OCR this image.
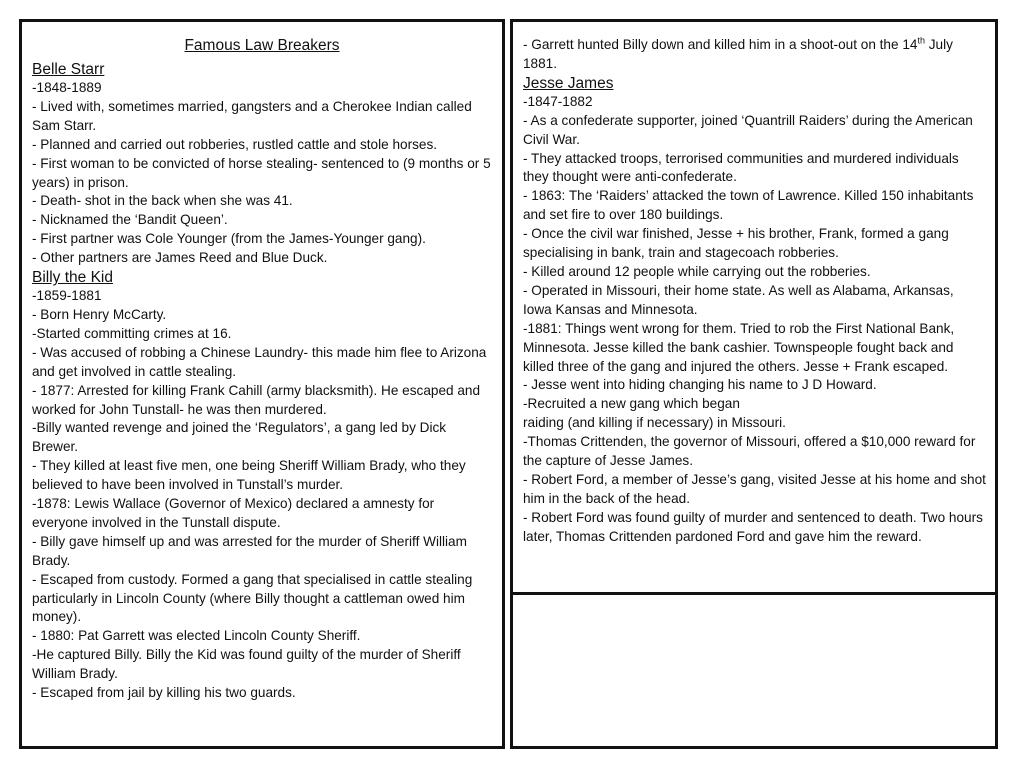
Famous Law Breakers

Belle Starr

-1848-1889

- Lived with, sometimes married, gangsters and a Cherokee Indian called Sam Starr.

- Planned and carried out robberies, rustled cattle and stole horses.

- First woman to be convicted of horse stealing- sentenced to (9 months or 5 years) in prison.

- Death- shot in the back when she was 41.

- Nicknamed the ‘Bandit Queen’.

- First partner was Cole Younger (from the James-Younger gang).

- Other partners are James Reed and Blue Duck.

Billy the Kid

-1859-1881

- Born Henry McCarty.

-Started committing crimes at 16.

- Was accused of robbing a Chinese Laundry- this made him flee to Arizona and get involved in cattle stealing.

- 1877: Arrested for killing Frank Cahill (army blacksmith). He escaped and worked for John Tunstall- he was then murdered.

-Billy wanted revenge and joined the ‘Regulators’, a gang led by Dick Brewer.

- They killed at least five men, one being Sheriff William Brady, who they believed to have been involved in Tunstall’s murder.

-1878: Lewis Wallace (Governor of Mexico) declared a amnesty for everyone involved in the Tunstall dispute.

- Billy gave himself up and was arrested for the murder of Sheriff William Brady.

- Escaped from custody. Formed a gang that specialised in cattle stealing particularly in Lincoln County (where Billy thought a cattleman owed him money).

- 1880: Pat Garrett was elected Lincoln County Sheriff.

-He captured Billy. Billy the Kid was found guilty of the murder of Sheriff William Brady.

- Escaped from jail by killing his two guards.

- Garrett hunted Billy down and killed him in a shoot-out on the 14th July 1881.

Jesse James

-1847-1882

- As a confederate supporter, joined ‘Quantrill Raiders’ during the American Civil War.

- They attacked troops, terrorised communities and murdered individuals they thought were anti-confederate.

- 1863: The ‘Raiders’ attacked the town of Lawrence. Killed 150 inhabitants and set fire to over 180 buildings.

- Once the civil war finished, Jesse + his brother, Frank, formed a gang specialising in bank, train and stagecoach robberies.

- Killed around 12 people while carrying out the robberies.

- Operated in Missouri, their home state. As well as Alabama, Arkansas, Iowa Kansas and Minnesota.

-1881: Things went wrong for them. Tried to rob the First National Bank, Minnesota. Jesse killed the bank cashier. Townspeople fought back and killed three of the gang and injured the others. Jesse + Frank escaped.

- Jesse went into hiding changing his name to J D Howard.

-Recruited a new gang which began

raiding (and killing if necessary) in Missouri.

-Thomas Crittenden, the governor of Missouri, offered a $10,000 reward for the capture of Jesse James.

- Robert Ford, a member of Jesse’s gang, visited Jesse at his home and shot him in the back of the head.

- Robert Ford was found guilty of murder and sentenced to death. Two hours later, Thomas Crittenden pardoned Ford and gave him the reward.
